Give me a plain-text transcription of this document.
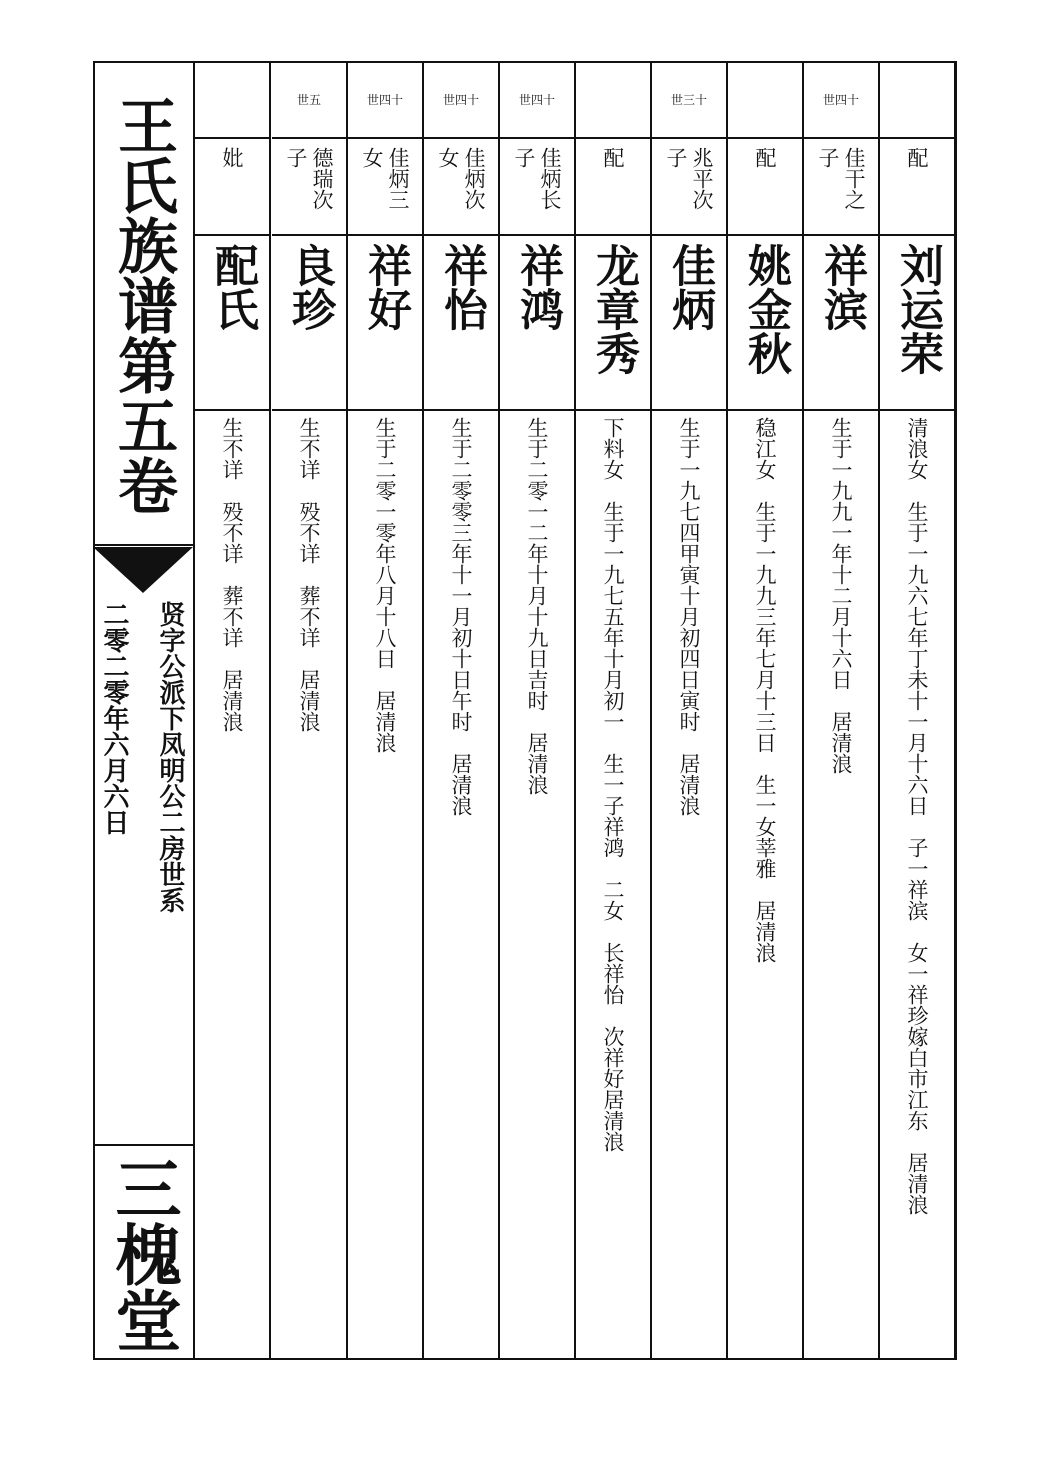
王氏族谱第五卷
贤字公派下凤明公二房世系
二零二零年六月六日
三槐堂
配
刘运荣
清浪女　生于一九六七年丁未十一月十六日　子一祥滨　女一祥珍嫁白市江东　居清浪
世四十
佳干之子
祥滨
生于一九九一年十二月十六日　居清浪
配
姚金秋
稳江女　生于一九九三年七月十三日　生一女莘雅　居清浪
世三十
兆平次子
佳炳
生于一九七四甲寅十月初四日寅时　居清浪
配
龙章秀
下料女　生于一九七五年十月初一　生一子祥鸿　二女　长祥怡　次祥好居清浪
世四十
佳炳长子
祥鸿
生于二零一二年十月十九日吉时　居清浪
世四十
佳炳次女
祥怡
生于二零零三年十一月初十日午时　居清浪
世四十
佳炳三女
祥好
生于二零一零年八月十八日　居清浪
世五
德瑞次子
良珍
生不详　殁不详　葬不详　居清浪
妣
配氏
生不详　殁不详　葬不详　居清浪
